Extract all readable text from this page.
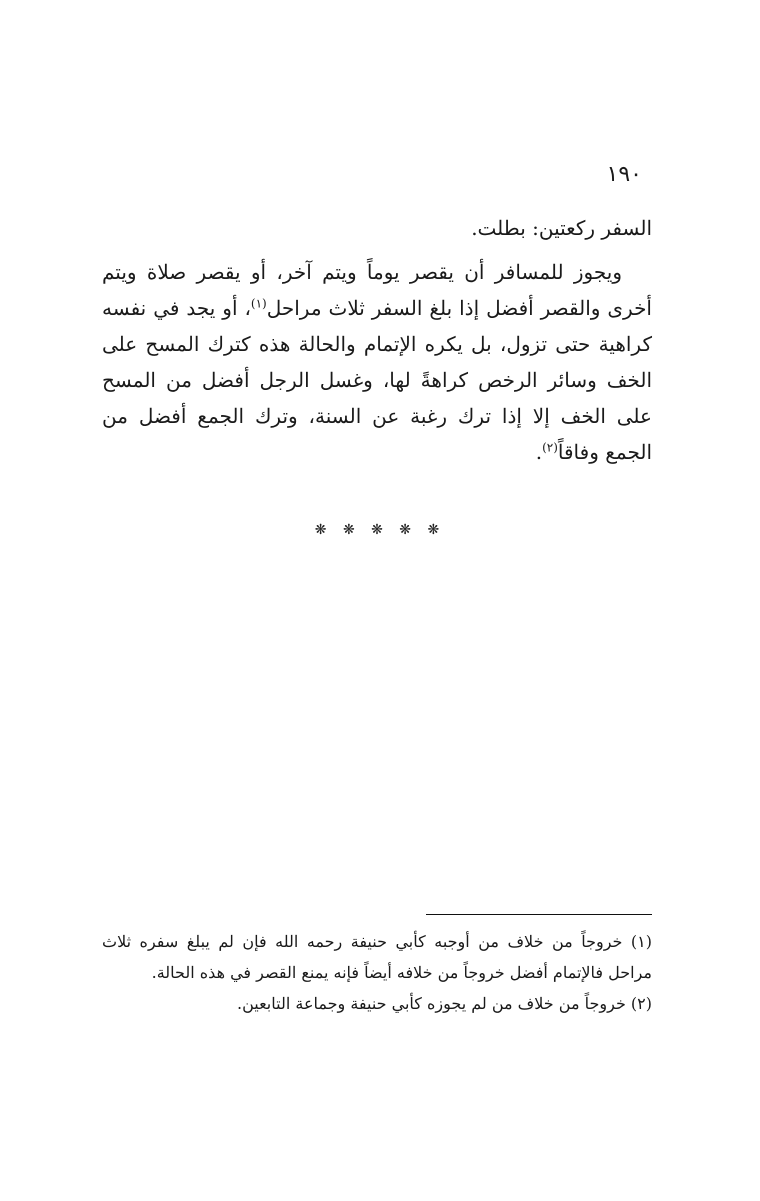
١٩٠

السفر ركعتين: بطلت.

ويجوز للمسافر أن يقصر يوماً ويتم آخر، أو يقصر صلاة ويتم أخرى والقصر أفضل إذا بلغ السفر ثلاث مراحل$^{(١)}$، أو يجد في نفسه كراهية حتى تزول، بل يكره الإتمام والحالة هذه كترك المسح على الخف وسائر الرخص كراهةً لها، وغسل الرجل أفضل من المسح على الخف إلا إذا ترك رغبة عن السنة، وترك الجمع أفضل من الجمع وفاقاً$^{(٢)}$.

❋ ❋ ❋ ❋ ❋

(١) خروجاً من خلاف من أوجبه كأبي حنيفة رحمه الله فإن لم يبلغ سفره ثلاث مراحل فالإتمام أفضل خروجاً من خلافه أيضاً فإنه يمنع القصر في هذه الحالة.

(٢) خروجاً من خلاف من لم يجوزه كأبي حنيفة وجماعة التابعين.
